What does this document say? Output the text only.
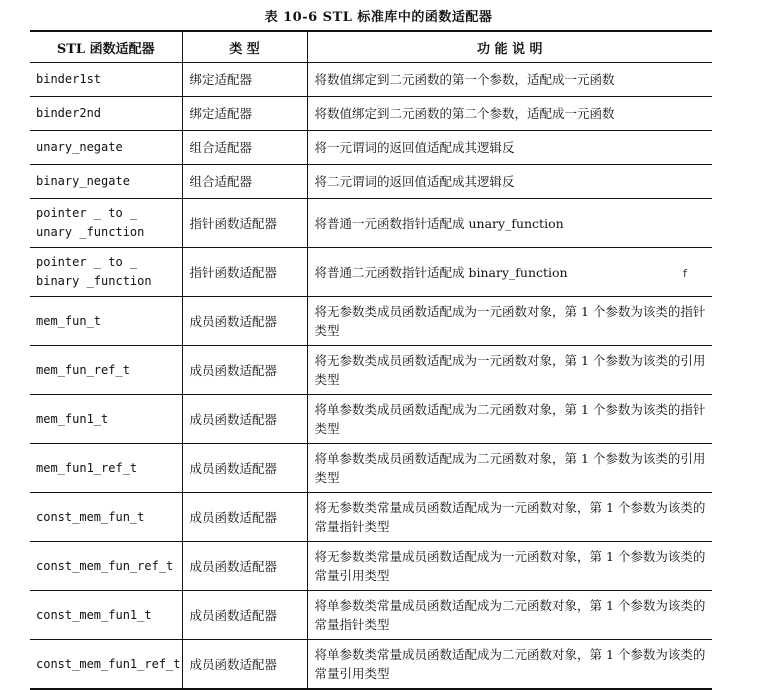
表 10-6 STL 标准库中的函数适配器
STL 函数适配器	类 型	功 能 说 明
binder1st	绑定适配器	将数值绑定到二元函数的第一个参数，适配成一元函数
binder2nd	绑定适配器	将数值绑定到二元函数的第二个参数，适配成一元函数
unary_negate	组合适配器	将一元谓词的返回值适配成其逻辑反
binary_negate	组合适配器	将二元谓词的返回值适配成其逻辑反
pointer _ to _ unary _function	指针函数适配器	将普通一元函数指针适配成 unary_function
pointer _ to _ binary _function	指针函数适配器	将普通二元函数指针适配成 binary_function
mem_fun_t	成员函数适配器	将无参数类成员函数适配成为一元函数对象，第 1 个参数为该类的指针类型
mem_fun_ref_t	成员函数适配器	将无参数类成员函数适配成为一元函数对象，第 1 个参数为该类的引用类型
mem_fun1_t	成员函数适配器	将单参数类成员函数适配成为二元函数对象，第 1 个参数为该类的指针类型
mem_fun1_ref_t	成员函数适配器	将单参数类成员函数适配成为二元函数对象，第 1 个参数为该类的引用类型
const_mem_fun_t	成员函数适配器	将无参数类常量成员函数适配成为一元函数对象，第 1 个参数为该类的常量指针类型
const_mem_fun_ref_t	成员函数适配器	将无参数类常量成员函数适配成为一元函数对象，第 1 个参数为该类的常量引用类型
const_mem_fun1_t	成员函数适配器	将单参数类常量成员函数适配成为二元函数对象，第 1 个参数为该类的常量指针类型
const_mem_fun1_ref_t	成员函数适配器	将单参数类常量成员函数适配成为二元函数对象，第 1 个参数为该类的常量引用类型
f
